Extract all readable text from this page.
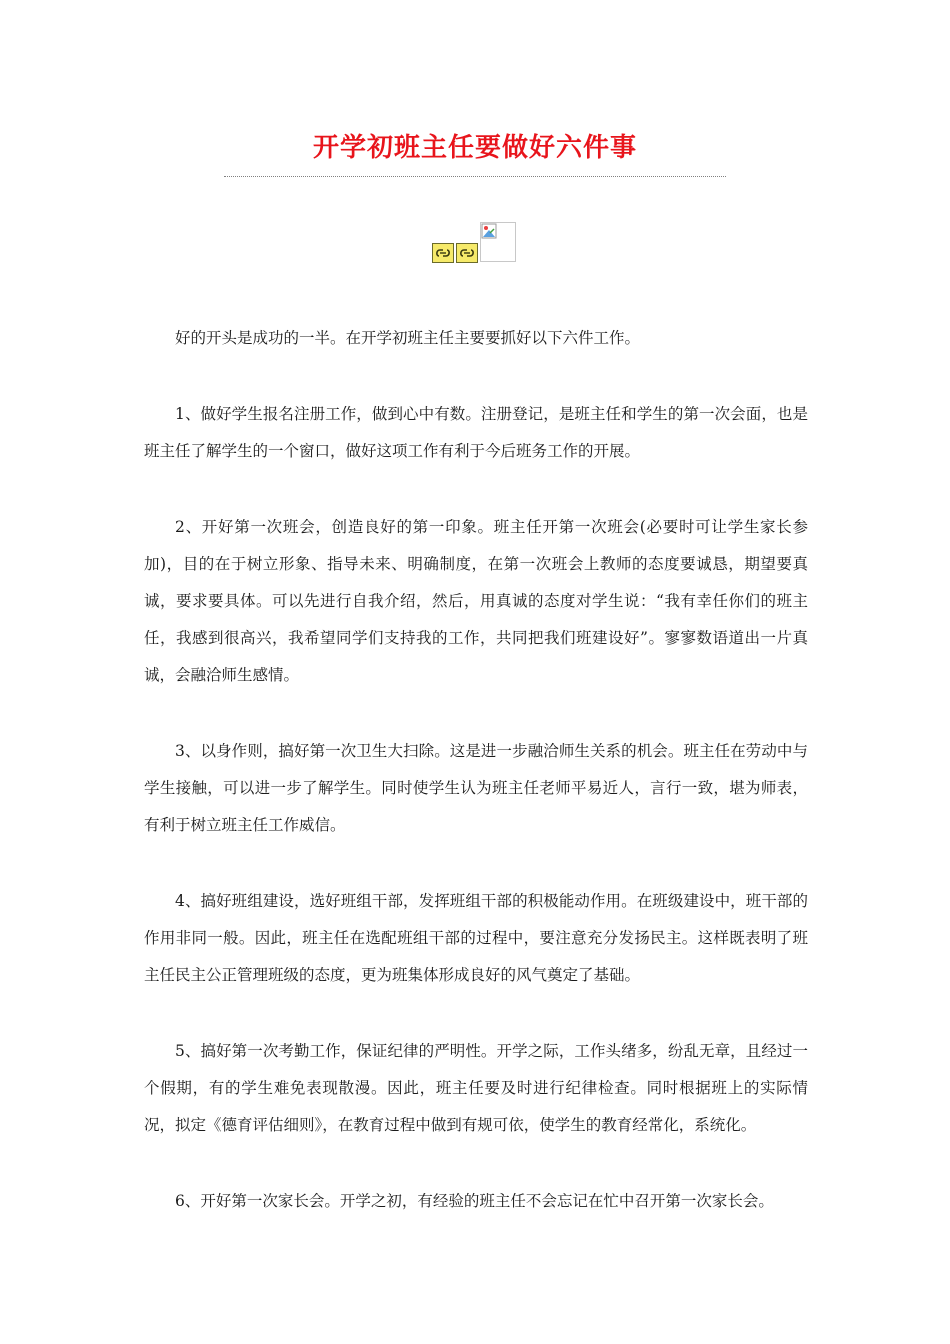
开学初班主任要做好六件事

好的开头是成功的一半。在开学初班主任主要要抓好以下六件工作。

1、做好学生报名注册工作，做到心中有数。注册登记，是班主任和学生的第一次会面，也是班主任了解学生的一个窗口，做好这项工作有利于今后班务工作的开展。

2、开好第一次班会，创造良好的第一印象。班主任开第一次班会(必要时可让学生家长参加)，目的在于树立形象、指导未来、明确制度，在第一次班会上教师的态度要诚恳，期望要真诚，要求要具体。可以先进行自我介绍，然后，用真诚的态度对学生说：“我有幸任你们的班主任，我感到很高兴，我希望同学们支持我的工作，共同把我们班建设好”。寥寥数语道出一片真诚，会融洽师生感情。

3、以身作则，搞好第一次卫生大扫除。这是进一步融洽师生关系的机会。班主任在劳动中与学生接触，可以进一步了解学生。同时使学生认为班主任老师平易近人，言行一致，堪为师表，有利于树立班主任工作威信。

4、搞好班组建设，选好班组干部，发挥班组干部的积极能动作用。在班级建设中，班干部的作用非同一般。因此，班主任在选配班组干部的过程中，要注意充分发扬民主。这样既表明了班主任民主公正管理班级的态度，更为班集体形成良好的风气奠定了基础。

5、搞好第一次考勤工作，保证纪律的严明性。开学之际，工作头绪多，纷乱无章，且经过一个假期，有的学生难免表现散漫。因此，班主任要及时进行纪律检查。同时根据班上的实际情况，拟定《德育评估细则》，在教育过程中做到有规可依，使学生的教育经常化，系统化。

6、开好第一次家长会。开学之初，有经验的班主任不会忘记在忙中召开第一次家长会。
